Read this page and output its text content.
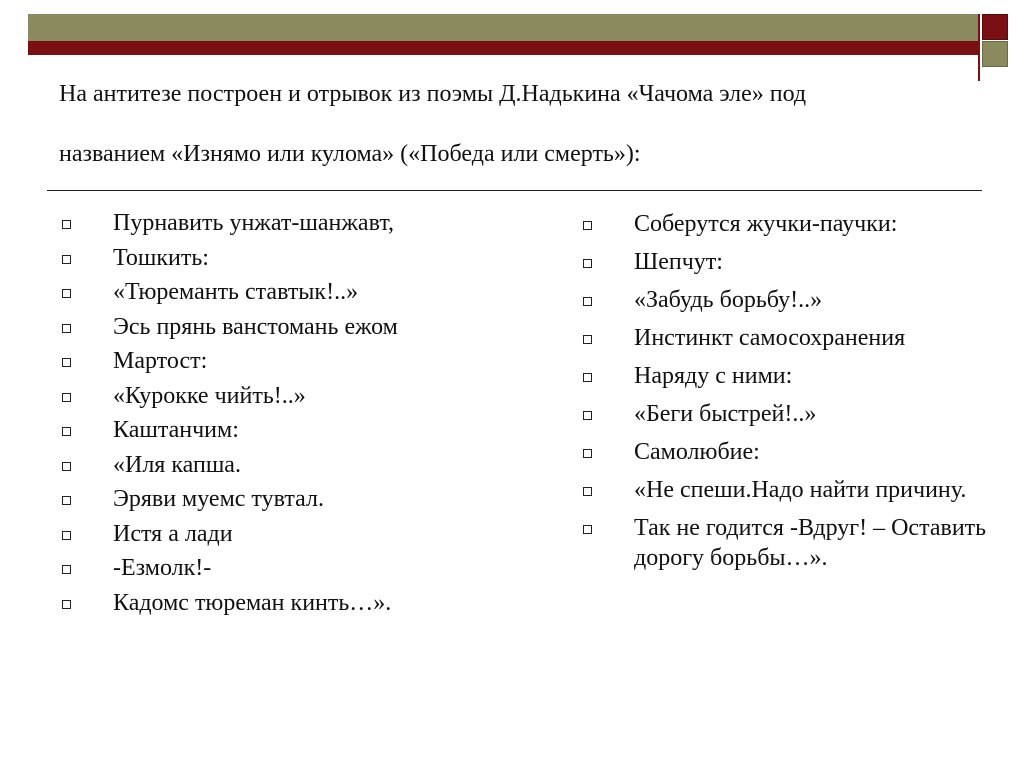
На антитезе построен и отрывок из поэмы Д.Надькина «Чачома эле» под
названием «Изнямо или кулома» («Победа или смерть»):
Пурнавить унжат-шанжавт,
Тошкить:
«Тюреманть ставтык!..»
Эсь прянь ванстомань ежом
Мартост:
«Курокке чийть!..»
Каштанчим:
«Иля капша.
Эряви муемс тувтал.
Истя а лади
-Езмолк!-
Кадомс тюреман кинть…».
Соберутся жучки-паучки:
Шепчут:
«Забудь борьбу!..»
Инстинкт самосохранения
Наряду с ними:
«Беги быстрей!..»
Самолюбие:
«Не спеши.Надо найти причину.
Так не годится -Вдруг! – Оставить дорогу борьбы…».
